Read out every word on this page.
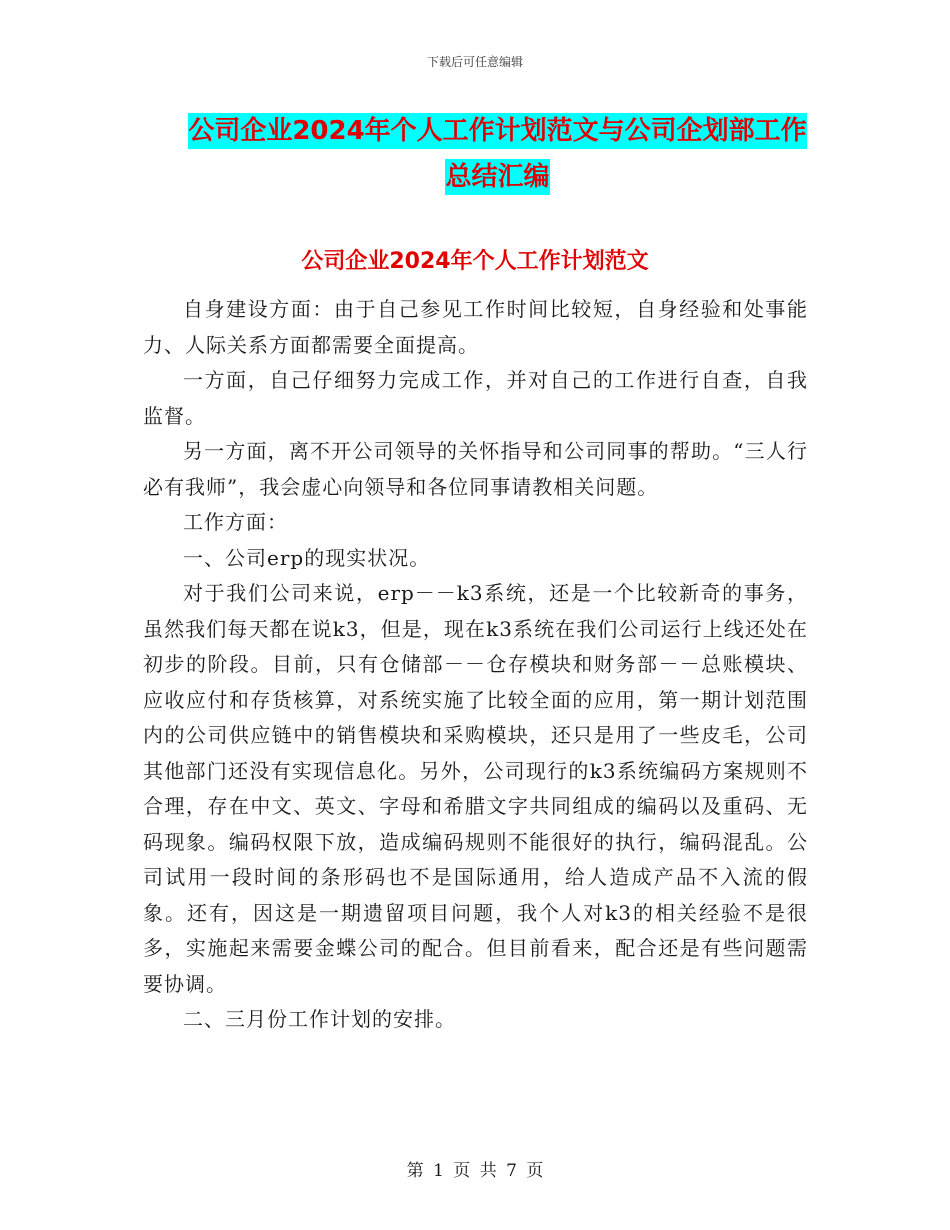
下载后可任意编辑
公司企业2024年个人工作计划范文与公司企划部工作
总结汇编
公司企业2024年个人工作计划范文

自身建设方面：由于自己参见工作时间比较短，自身经验和处事能力、人际关系方面都需要全面提高。

一方面，自己仔细努力完成工作，并对自己的工作进行自查，自我监督。

另一方面，离不开公司领导的关怀指导和公司同事的帮助。“三人行必有我师”，我会虚心向领导和各位同事请教相关问题。

工作方面：

一、公司erp的现实状况。

对于我们公司来说，erp－－k3系统，还是一个比较新奇的事务，虽然我们每天都在说k3，但是，现在k3系统在我们公司运行上线还处在初步的阶段。目前，只有仓储部－－仓存模块和财务部－－总账模块、应收应付和存货核算，对系统实施了比较全面的应用，第一期计划范围内的公司供应链中的销售模块和采购模块，还只是用了一些皮毛，公司其他部门还没有实现信息化。另外，公司现行的k3系统编码方案规则不合理，存在中文、英文、字母和希腊文字共同组成的编码以及重码、无码现象。编码权限下放，造成编码规则不能很好的执行，编码混乱。公司试用一段时间的条形码也不是国际通用，给人造成产品不入流的假象。还有，因这是一期遗留项目问题，我个人对k3的相关经验不是很多，实施起来需要金蝶公司的配合。但目前看来，配合还是有些问题需要协调。

二、三月份工作计划的安排。

第 1 页 共 7 页
